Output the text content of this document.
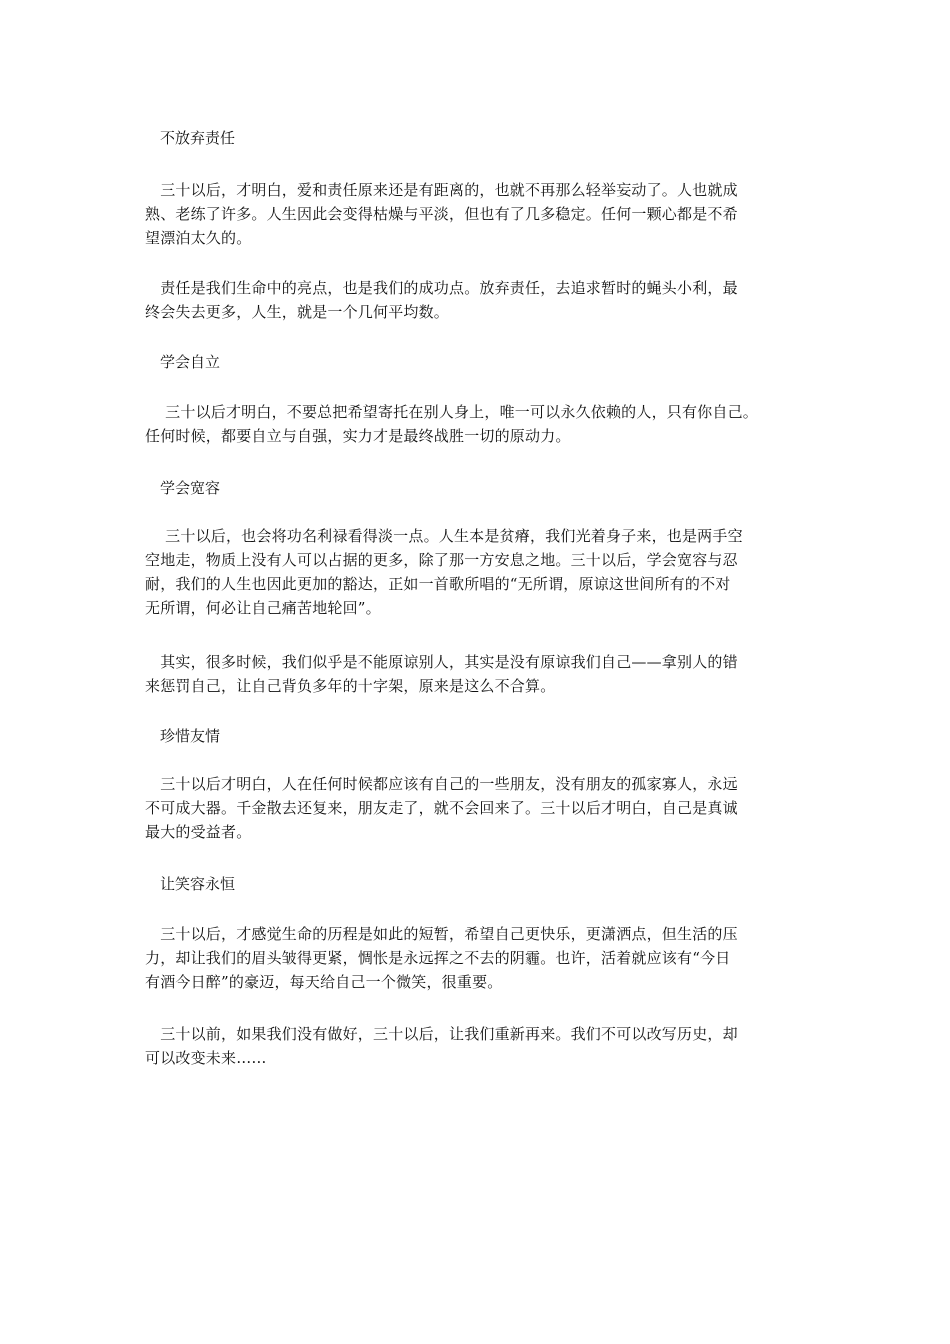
不放弃责任
　三十以后，才明白，爱和责任原来还是有距离的，也就不再那么轻举妄动了。人也就成
熟、老练了许多。人生因此会变得枯燥与平淡，但也有了几多稳定。任何一颗心都是不希
望漂泊太久的。
　责任是我们生命中的亮点，也是我们的成功点。放弃责任，去追求暂时的蝇头小利，最
终会失去更多，人生，就是一个几何平均数。
学会自立
　 三十以后才明白，不要总把希望寄托在别人身上，唯一可以永久依赖的人，只有你自己。
任何时候，都要自立与自强，实力才是最终战胜一切的原动力。
学会宽容
　 三十以后，也会将功名利禄看得淡一点。人生本是贫瘠，我们光着身子来，也是两手空
空地走，物质上没有人可以占据的更多，除了那一方安息之地。三十以后，学会宽容与忍
耐，我们的人生也因此更加的豁达，正如一首歌所唱的“无所谓，原谅这世间所有的不对
无所谓，何必让自己痛苦地轮回”。
　其实，很多时候，我们似乎是不能原谅别人，其实是没有原谅我们自己——拿别人的错
来惩罚自己，让自己背负多年的十字架，原来是这么不合算。
珍惜友情
　三十以后才明白，人在任何时候都应该有自己的一些朋友，没有朋友的孤家寡人，永远
不可成大器。千金散去还复来，朋友走了，就不会回来了。三十以后才明白，自己是真诚
最大的受益者。
让笑容永恒
　三十以后，才感觉生命的历程是如此的短暂，希望自己更快乐，更潇洒点，但生活的压
力，却让我们的眉头皱得更紧，惆怅是永远挥之不去的阴霾。也许，活着就应该有“今日
有酒今日醉”的豪迈，每天给自己一个微笑，很重要。
　三十以前，如果我们没有做好，三十以后，让我们重新再来。我们不可以改写历史，却
可以改变未来……
